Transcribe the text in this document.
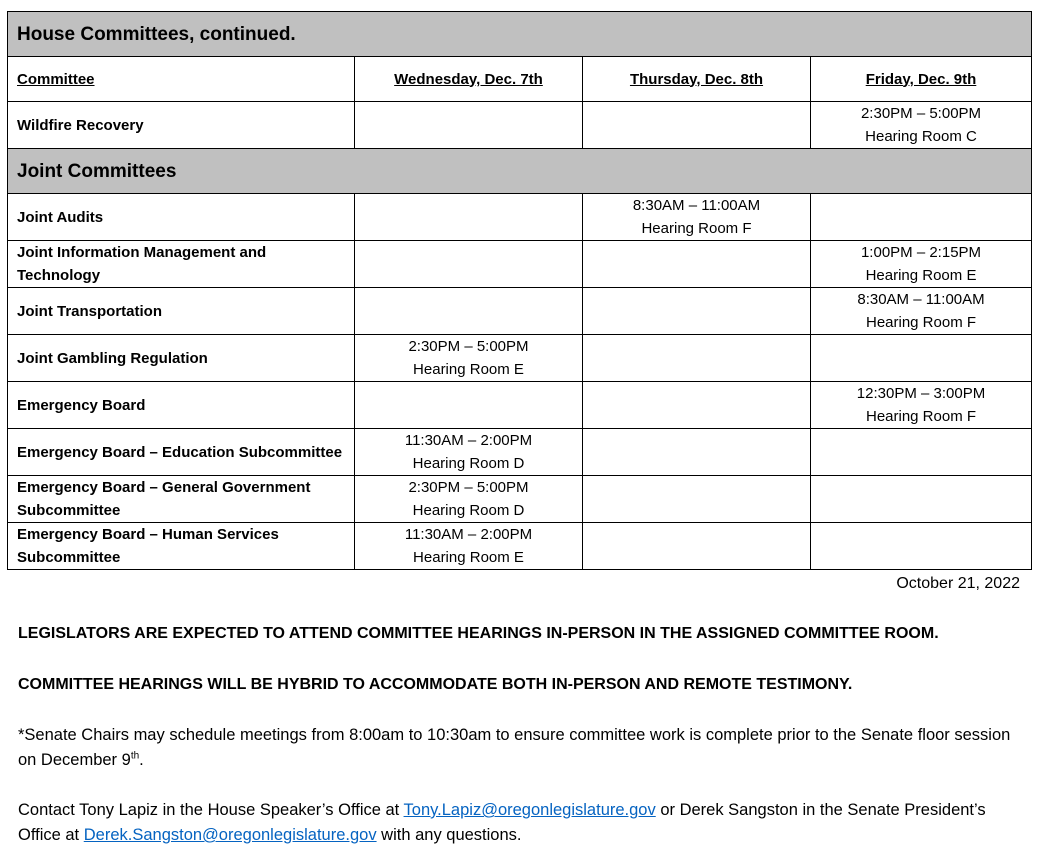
House Committees, continued.			
Committee	Wednesday, Dec. 7th	Thursday, Dec. 8th	Friday, Dec. 9th
Wildfire Recovery			2:30PM – 5:00PM
Hearing Room C

Joint Committees			
Joint Audits		8:30AM – 11:00AM
Hearing Room F	

Joint Information Management and Technology			1:00PM – 2:15PM
Hearing Room E

Joint Transportation			8:30AM – 11:00AM
Hearing Room F

Joint Gambling Regulation	2:30PM – 5:00PM
Hearing Room E		

Emergency Board			12:30PM – 3:00PM
Hearing Room F

Emergency Board – Education Subcommittee	11:30AM – 2:00PM
Hearing Room D		

Emergency Board – General Government Subcommittee	2:30PM – 5:00PM
Hearing Room D		

Emergency Board – Human Services Subcommittee	11:30AM – 2:00PM
Hearing Room E		

October 21, 2022
LEGISLATORS ARE EXPECTED TO ATTEND COMMITTEE HEARINGS IN-PERSON IN THE ASSIGNED COMMITTEE ROOM.
COMMITTEE HEARINGS WILL BE HYBRID TO ACCOMMODATE BOTH IN-PERSON AND REMOTE TESTIMONY.
*Senate Chairs may schedule meetings from 8:00am to 10:30am to ensure committee work is complete prior to the Senate floor session on December 9th.
Contact Tony Lapiz in the House Speaker’s Office at Tony.Lapiz@oregonlegislature.gov or Derek Sangston in the Senate President’s Office at Derek.Sangston@oregonlegislature.gov with any questions.
